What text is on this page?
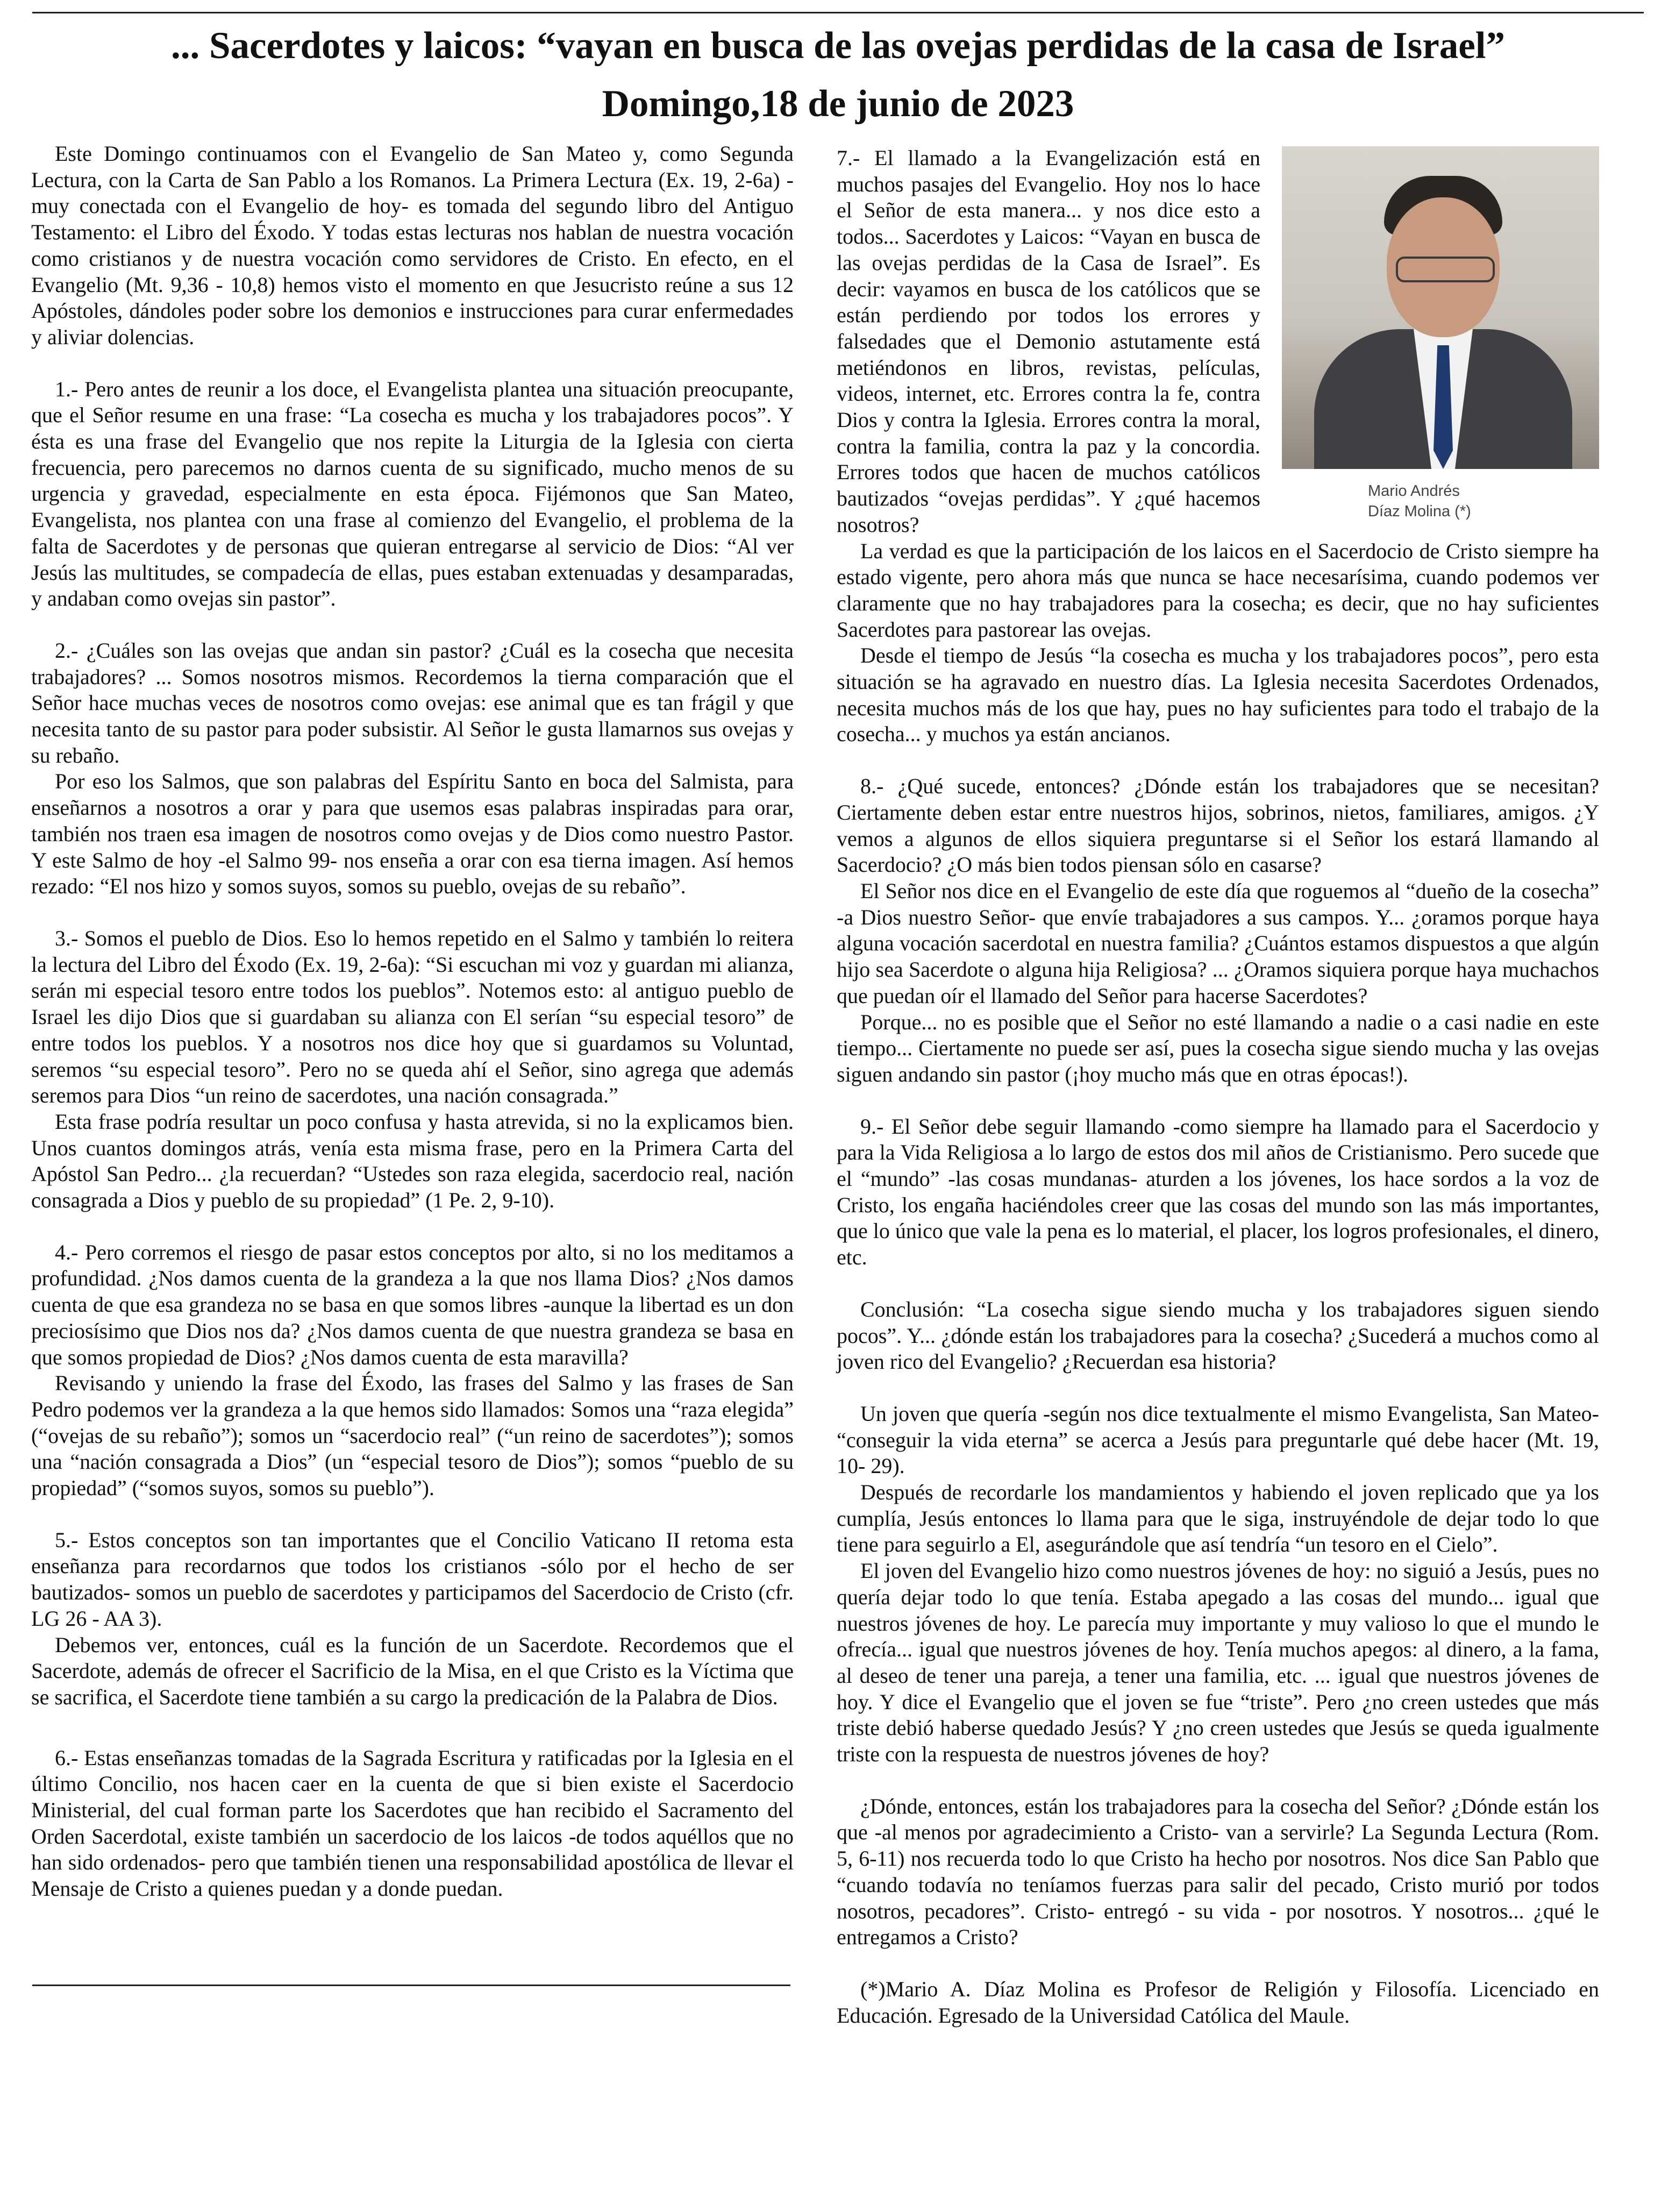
... Sacerdotes y laicos: “vayan en busca de las ovejas perdidas de la casa de Israel”
Domingo,18 de junio de 2023

Este Domingo continuamos con el Evangelio de San Mateo y, como Segunda Lectura, con la Carta de San Pablo a los Romanos. La Primera Lectura (Ex. 19, 2-6a) -muy conectada con el Evangelio de hoy- es tomada del segundo libro del Antiguo Testamento: el Libro del Éxodo. Y todas estas lecturas nos hablan de nuestra vocación como cristianos y de nuestra vocación como servidores de Cristo. En efecto, en el Evangelio (Mt. 9,36 - 10,8) hemos visto el momento en que Jesucristo reúne a sus 12 Apóstoles, dándoles poder sobre los demonios e instrucciones para curar enfermedades y aliviar dolencias.

1.- Pero antes de reunir a los doce, el Evangelista plantea una situación preocupante, que el Señor resume en una frase: “La cosecha es mucha y los trabajadores pocos”. Y ésta es una frase del Evangelio que nos repite la Liturgia de la Iglesia con cierta frecuencia, pero parecemos no darnos cuenta de su significado, mucho menos de su urgencia y gravedad, especialmente en esta época. Fijémonos que San Mateo, Evangelista, nos plantea con una frase al comienzo del Evangelio, el problema de la falta de Sacerdotes y de personas que quieran entregarse al servicio de Dios: “Al ver Jesús las multitudes, se compadecía de ellas, pues estaban extenuadas y desamparadas, y andaban como ovejas sin pastor”.

2.- ¿Cuáles son las ovejas que andan sin pastor? ¿Cuál es la cosecha que necesita trabajadores? ... Somos nosotros mismos. Recordemos la tierna comparación que el Señor hace muchas veces de nosotros como ovejas: ese animal que es tan frágil y que necesita tanto de su pastor para poder subsistir. Al Señor le gusta llamarnos sus ovejas y su rebaño.

Por eso los Salmos, que son palabras del Espíritu Santo en boca del Salmista, para enseñarnos a nosotros a orar y para que usemos esas palabras inspiradas para orar, también nos traen esa imagen de nosotros como ovejas y de Dios como nuestro Pastor. Y este Salmo de hoy -el Salmo 99- nos enseña a orar con esa tierna imagen. Así hemos rezado: “El nos hizo y somos suyos, somos su pueblo, ovejas de su rebaño”.

3.- Somos el pueblo de Dios. Eso lo hemos repetido en el Salmo y también lo reitera la lectura del Libro del Éxodo (Ex. 19, 2-6a): “Si escuchan mi voz y guardan mi alianza, serán mi especial tesoro entre todos los pueblos”. Notemos esto: al antiguo pueblo de Israel les dijo Dios que si guardaban su alianza con El serían “su especial tesoro” de entre todos los pueblos. Y a nosotros nos dice hoy que si guardamos su Voluntad, seremos “su especial tesoro”. Pero no se queda ahí el Señor, sino agrega que además seremos para Dios “un reino de sacerdotes, una nación consagrada.”

Esta frase podría resultar un poco confusa y hasta atrevida, si no la explicamos bien. Unos cuantos domingos atrás, venía esta misma frase, pero en la Primera Carta del Apóstol San Pedro... ¿la recuerdan? “Ustedes son raza elegida, sacerdocio real, nación consagrada a Dios y pueblo de su propiedad” (1 Pe. 2, 9-10).

4.- Pero corremos el riesgo de pasar estos conceptos por alto, si no los meditamos a profundidad. ¿Nos damos cuenta de la grandeza a la que nos llama Dios? ¿Nos damos cuenta de que esa grandeza no se basa en que somos libres -aunque la libertad es un don preciosísimo que Dios nos da? ¿Nos damos cuenta de que nuestra grandeza se basa en que somos propiedad de Dios? ¿Nos damos cuenta de esta maravilla?

Revisando y uniendo la frase del Éxodo, las frases del Salmo y las frases de San Pedro podemos ver la grandeza a la que hemos sido llamados: Somos una “raza elegida” (“ovejas de su rebaño”); somos un “sacerdocio real” (“un reino de sacerdotes”); somos una “nación consagrada a Dios” (un “especial tesoro de Dios”); somos “pueblo de su propiedad” (“somos suyos, somos su pueblo”).

5.- Estos conceptos son tan importantes que el Concilio Vaticano II retoma esta enseñanza para recordarnos que todos los cristianos -sólo por el hecho de ser bautizados- somos un pueblo de sacerdotes y participamos del Sacerdocio de Cristo (cfr. LG 26 - AA 3).

Debemos ver, entonces, cuál es la función de un Sacerdote. Recordemos que el Sacerdote, además de ofrecer el Sacrificio de la Misa, en el que Cristo es la Víctima que se sacrifica, el Sacerdote tiene también a su cargo la predicación de la Palabra de Dios.

6.- Estas enseñanzas tomadas de la Sagrada Escritura y ratificadas por la Iglesia en el último Concilio, nos hacen caer en la cuenta de que si bien existe el Sacerdocio Ministerial, del cual forman parte los Sacerdotes que han recibido el Sacramento del Orden Sacerdotal, existe también un sacerdocio de los laicos -de todos aquéllos que no han sido ordenados- pero que también tienen una responsabilidad apostólica de llevar el Mensaje de Cristo a quienes puedan y a donde puedan.

Mario Andrés
Díaz Molina (*)

7.- El llamado a la Evangelización está en muchos pasajes del Evangelio. Hoy nos lo hace el Señor de esta manera... y nos dice esto a todos... Sacerdotes y Laicos: “Vayan en busca de las ovejas perdidas de la Casa de Israel”. Es decir: vayamos en busca de los católicos que se están perdiendo por todos los errores y falsedades que el Demonio astutamente está metiéndonos en libros, revistas, películas, videos, internet, etc. Errores contra la fe, contra Dios y contra la Iglesia. Errores contra la moral, contra la familia, contra la paz y la concordia. Errores todos que hacen de muchos católicos bautizados “ovejas perdidas”. Y ¿qué hacemos nosotros?

La verdad es que la participación de los laicos en el Sacerdocio de Cristo siempre ha estado vigente, pero ahora más que nunca se hace necesarísima, cuando podemos ver claramente que no hay trabajadores para la cosecha; es decir, que no hay suficientes Sacerdotes para pastorear las ovejas.

Desde el tiempo de Jesús “la cosecha es mucha y los trabajadores pocos”, pero esta situación se ha agravado en nuestro días. La Iglesia necesita Sacerdotes Ordenados, necesita muchos más de los que hay, pues no hay suficientes para todo el trabajo de la cosecha... y muchos ya están ancianos.

8.- ¿Qué sucede, entonces? ¿Dónde están los trabajadores que se necesitan? Ciertamente deben estar entre nuestros hijos, sobrinos, nietos, familiares, amigos. ¿Y vemos a algunos de ellos siquiera preguntarse si el Señor los estará llamando al Sacerdocio? ¿O más bien todos piensan sólo en casarse?

El Señor nos dice en el Evangelio de este día que roguemos al “dueño de la cosecha” -a Dios nuestro Señor- que envíe trabajadores a sus campos. Y... ¿oramos porque haya alguna vocación sacerdotal en nuestra familia? ¿Cuántos estamos dispuestos a que algún hijo sea Sacerdote o alguna hija Religiosa? ... ¿Oramos siquiera porque haya muchachos que puedan oír el llamado del Señor para hacerse Sacerdotes?

Porque... no es posible que el Señor no esté llamando a nadie o a casi nadie en este tiempo... Ciertamente no puede ser así, pues la cosecha sigue siendo mucha y las ovejas siguen andando sin pastor (¡hoy mucho más que en otras épocas!).

9.- El Señor debe seguir llamando -como siempre ha llamado para el Sacerdocio y para la Vida Religiosa a lo largo de estos dos mil años de Cristianismo. Pero sucede que el “mundo” -las cosas mundanas- aturden a los jóvenes, los hace sordos a la voz de Cristo, los engaña haciéndoles creer que las cosas del mundo son las más importantes, que lo único que vale la pena es lo material, el placer, los logros profesionales, el dinero, etc.

Conclusión: “La cosecha sigue siendo mucha y los trabajadores siguen siendo pocos”. Y... ¿dónde están los trabajadores para la cosecha? ¿Sucederá a muchos como al joven rico del Evangelio? ¿Recuerdan esa historia?

Un joven que quería -según nos dice textualmente el mismo Evangelista, San Mateo- “conseguir la vida eterna” se acerca a Jesús para preguntarle qué debe hacer (Mt. 19, 10- 29).

Después de recordarle los mandamientos y habiendo el joven replicado que ya los cumplía, Jesús entonces lo llama para que le siga, instruyéndole de dejar todo lo que tiene para seguirlo a El, asegurándole que así tendría “un tesoro en el Cielo”.

El joven del Evangelio hizo como nuestros jóvenes de hoy: no siguió a Jesús, pues no quería dejar todo lo que tenía. Estaba apegado a las cosas del mundo... igual que nuestros jóvenes de hoy. Le parecía muy importante y muy valioso lo que el mundo le ofrecía... igual que nuestros jóvenes de hoy. Tenía muchos apegos: al dinero, a la fama, al deseo de tener una pareja, a tener una familia, etc. ... igual que nuestros jóvenes de hoy. Y dice el Evangelio que el joven se fue “triste”. Pero ¿no creen ustedes que más triste debió haberse quedado Jesús? Y ¿no creen ustedes que Jesús se queda igualmente triste con la respuesta de nuestros jóvenes de hoy?

¿Dónde, entonces, están los trabajadores para la cosecha del Señor? ¿Dónde están los que -al menos por agradecimiento a Cristo- van a servirle? La Segunda Lectura (Rom. 5, 6-11) nos recuerda todo lo que Cristo ha hecho por nosotros. Nos dice San Pablo que “cuando todavía no teníamos fuerzas para salir del pecado, Cristo murió por todos nosotros, pecadores”. Cristo- entregó - su vida - por nosotros. Y nosotros... ¿qué le entregamos a Cristo?

(*)Mario A. Díaz Molina es Profesor de Religión y Filosofía. Licenciado en Educación. Egresado de la Universidad Católica del Maule.
